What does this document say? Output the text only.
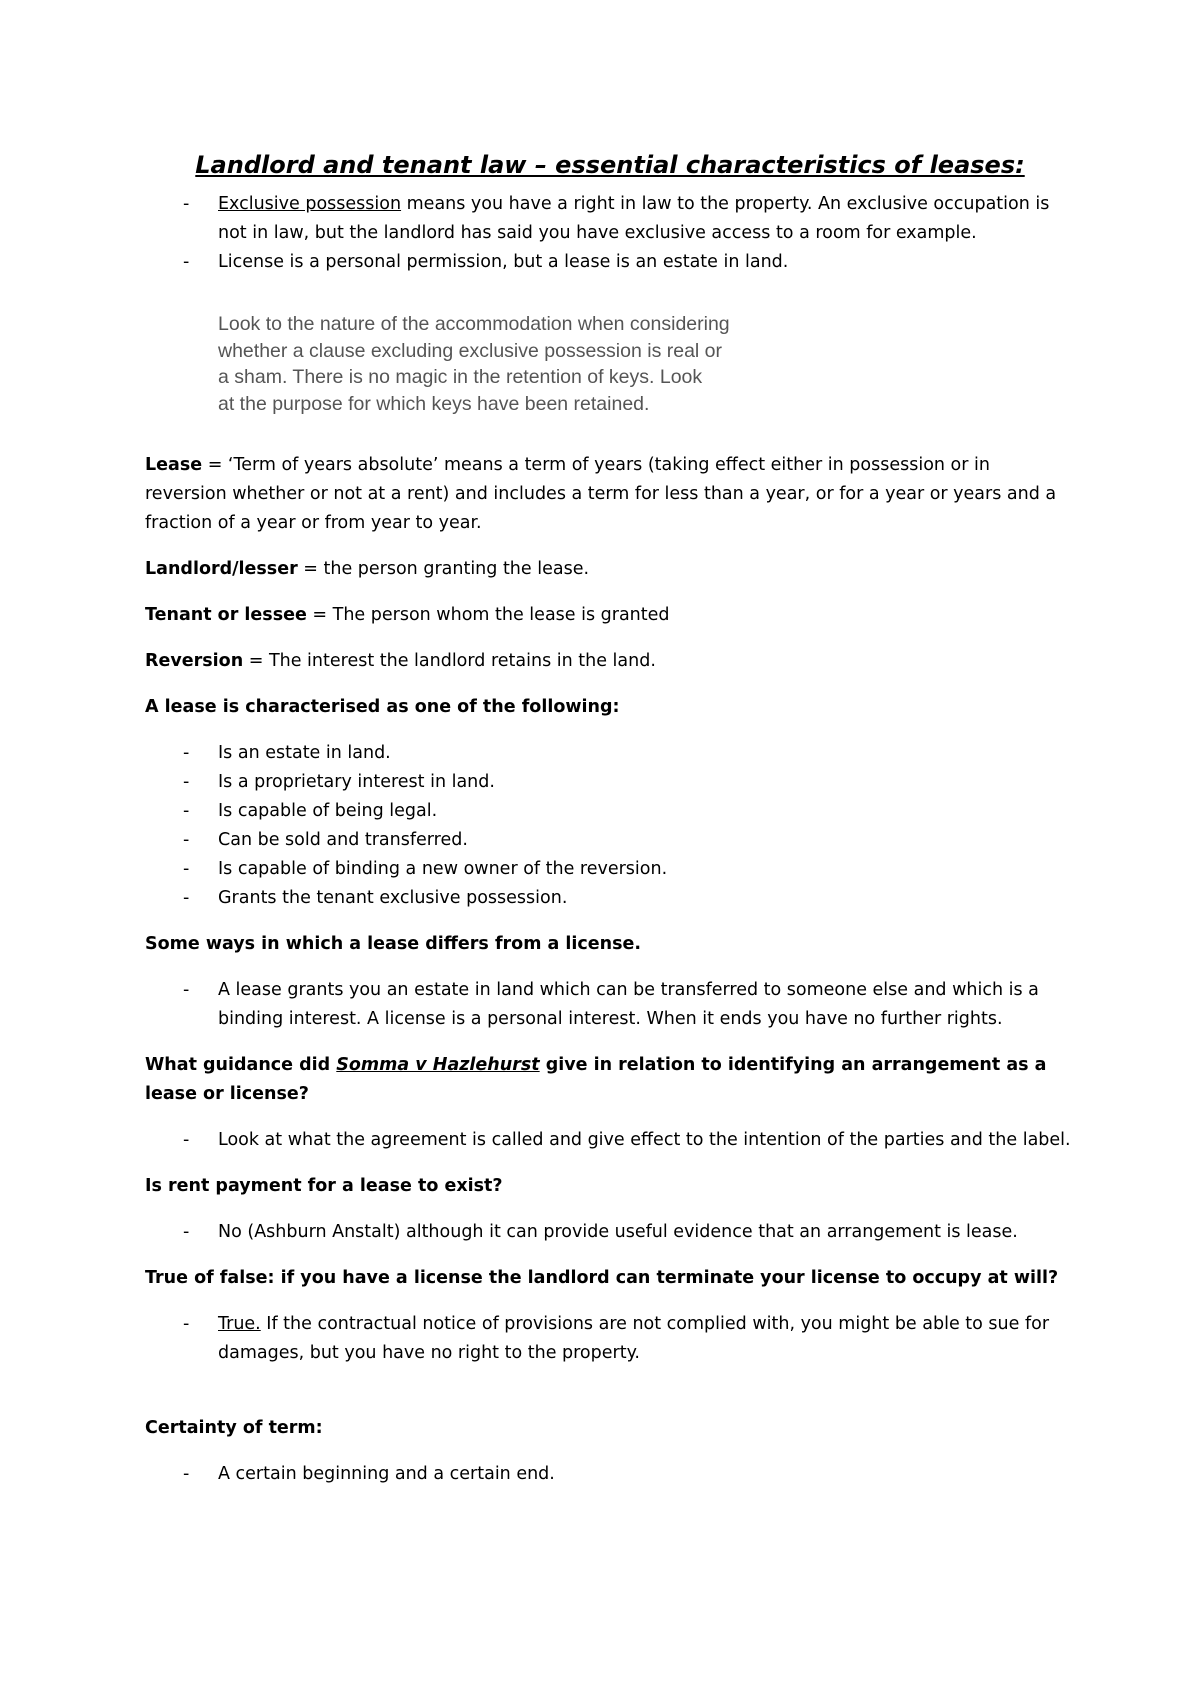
Landlord and tenant law – essential characteristics of leases:
- Exclusive possession means you have a right in law to the property. An exclusive occupation is not in law, but the landlord has said you have exclusive access to a room for example.
- License is a personal permission, but a lease is an estate in land.
Look to the nature of the accommodation when considering
whether a clause excluding exclusive possession is real or
a sham. There is no magic in the retention of keys. Look
at the purpose for which keys have been retained.

Lease = ‘Term of years absolute’ means a term of years (taking effect either in possession or in reversion whether or not at a rent) and includes a term for less than a year, or for a year or years and a fraction of a year or from year to year.

Landlord/lesser = the person granting the lease.

Tenant or lessee = The person whom the lease is granted

Reversion = The interest the landlord retains in the land.

A lease is characterised as one of the following:

- Is an estate in land.
- Is a proprietary interest in land.
- Is capable of being legal.
- Can be sold and transferred.
- Is capable of binding a new owner of the reversion.
- Grants the tenant exclusive possession.

Some ways in which a lease differs from a license.

- A lease grants you an estate in land which can be transferred to someone else and which is a binding interest. A license is a personal interest. When it ends you have no further rights.

What guidance did Somma v Hazlehurst give in relation to identifying an arrangement as a lease or license?

- Look at what the agreement is called and give effect to the intention of the parties and the label.

Is rent payment for a lease to exist?

- No (Ashburn Anstalt) although it can provide useful evidence that an arrangement is lease.

True of false: if you have a license the landlord can terminate your license to occupy at will?

- True. If the contractual notice of provisions are not complied with, you might be able to sue for damages, but you have no right to the property.

Certainty of term:

- A certain beginning and a certain end.
